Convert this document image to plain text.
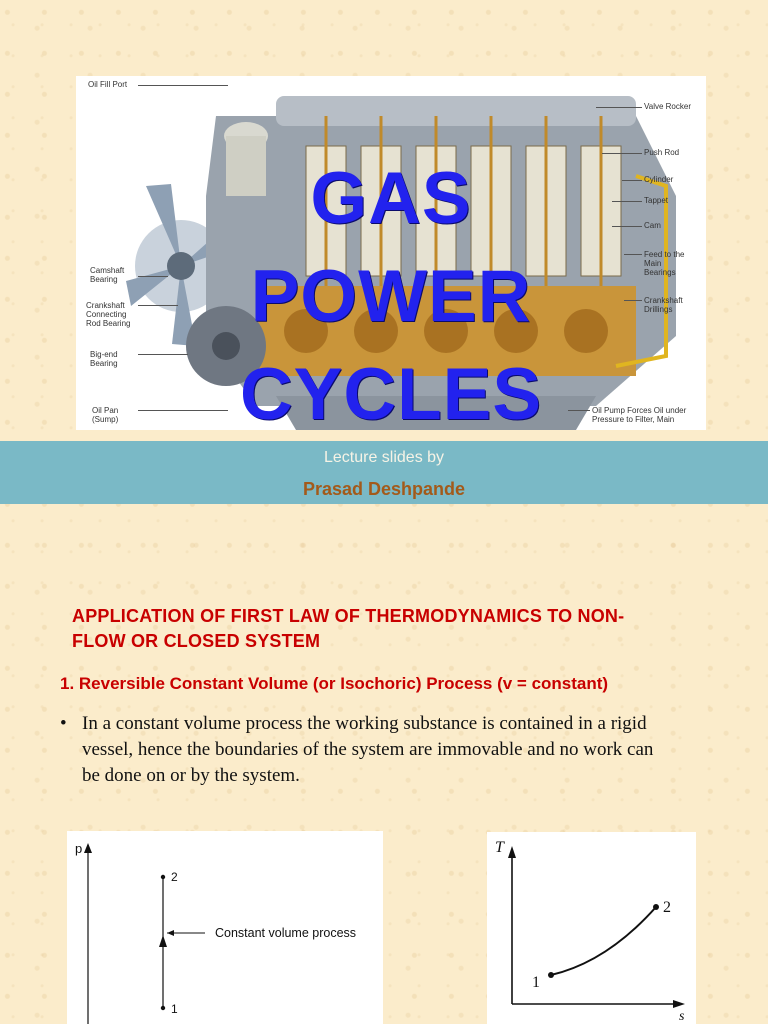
Oil Fill Port
Camshaft Bearing
Crankshaft Connecting Rod Bearing
Big-end Bearing
Oil Pan (Sump)
Valve Rocker
Push Rod
Cylinder
Tappet
Cam
Feed to the Main Bearings
Crankshaft Drillings
Oil Pump Forces Oil under Pressure to Filter, Main
GAS
POWER
CYCLES
Lecture slides by
Prasad Deshpande
APPLICATION OF FIRST LAW OF THERMODYNAMICS TO NON-
FLOW OR CLOSED SYSTEM
1. Reversible Constant Volume (or Isochoric) Process (v = constant)
• In a constant volume process the working substance is contained in a rigid
vessel, hence the boundaries of the system are immovable and no work can
be done on or by the system.
p
2
1
Constant volume process
T
s
1
2
